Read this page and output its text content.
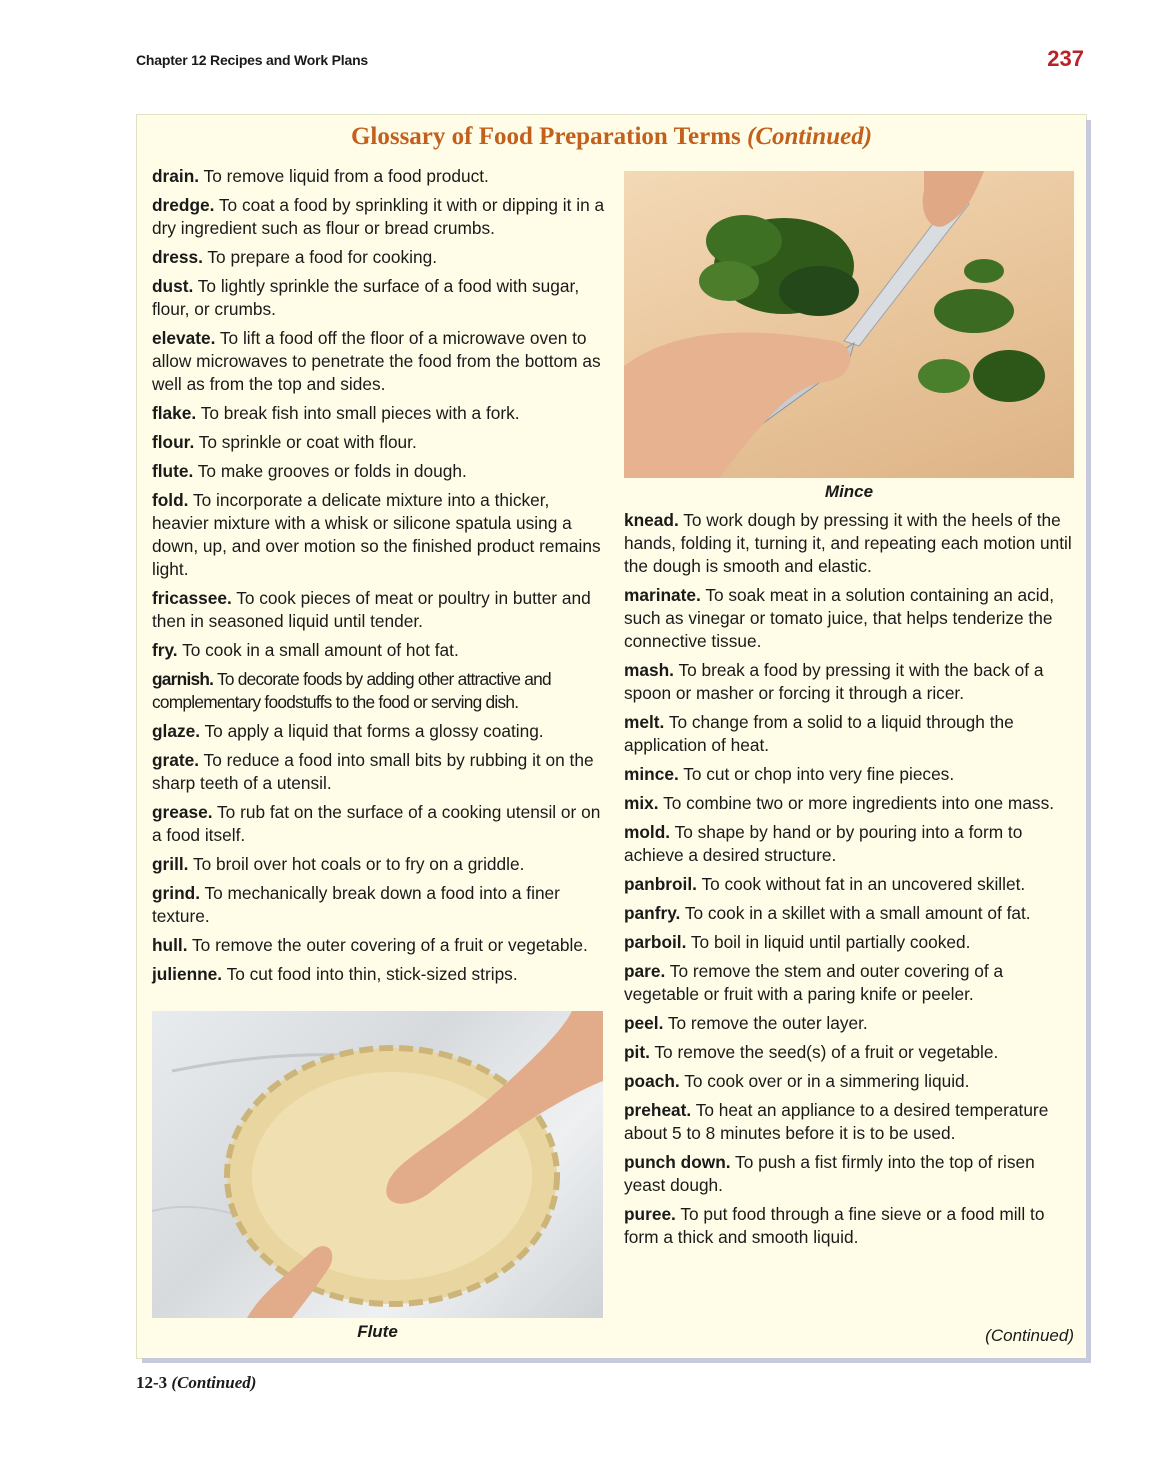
Chapter 12 Recipes and Work Plans	237
Glossary of Food Preparation Terms (Continued)

drain. To remove liquid from a food product.

dredge. To coat a food by sprinkling it with or dipping it in a dry ingredient such as flour or bread crumbs.

dress. To prepare a food for cooking.

dust. To lightly sprinkle the surface of a food with sugar, flour, or crumbs.

elevate. To lift a food off the floor of a microwave oven to allow microwaves to penetrate the food from the bottom as well as from the top and sides.

flake. To break fish into small pieces with a fork.

flour. To sprinkle or coat with flour.

flute. To make grooves or folds in dough.

fold. To incorporate a delicate mixture into a thicker, heavier mixture with a whisk or silicone spatula using a down, up, and over motion so the finished product remains light.

fricassee. To cook pieces of meat or poultry in butter and then in seasoned liquid until tender.

fry. To cook in a small amount of hot fat.

garnish. To decorate foods by adding other attractive and complementary foodstuffs to the food or serving dish.

glaze. To apply a liquid that forms a glossy coating.

grate. To reduce a food into small bits by rubbing it on the sharp teeth of a utensil.

grease. To rub fat on the surface of a cooking utensil or on a food itself.

grill. To broil over hot coals or to fry on a griddle.

grind. To mechanically break down a food into a finer texture.

hull. To remove the outer covering of a fruit or vegetable.

julienne. To cut food into thin, stick-sized strips.

Mince

knead. To work dough by pressing it with the heels of the hands, folding it, turning it, and repeating each motion until the dough is smooth and elastic.

marinate. To soak meat in a solution containing an acid, such as vinegar or tomato juice, that helps tenderize the connective tissue.

mash. To break a food by pressing it with the back of a spoon or masher or forcing it through a ricer.

melt. To change from a solid to a liquid through the application of heat.

mince. To cut or chop into very fine pieces.

mix. To combine two or more ingredients into one mass.

mold. To shape by hand or by pouring into a form to achieve a desired structure.

panbroil. To cook without fat in an uncovered skillet.

panfry. To cook in a skillet with a small amount of fat.

parboil. To boil in liquid until partially cooked.

pare. To remove the stem and outer covering of a vegetable or fruit with a paring knife or peeler.

peel. To remove the outer layer.

pit. To remove the seed(s) of a fruit or vegetable.

poach. To cook over or in a simmering liquid.

preheat. To heat an appliance to a desired temperature about 5 to 8 minutes before it is to be used.

punch down. To push a fist firmly into the top of risen yeast dough.

puree. To put food through a fine sieve or a food mill to form a thick and smooth liquid.

Flute	(Continued)
12-3 (Continued)
